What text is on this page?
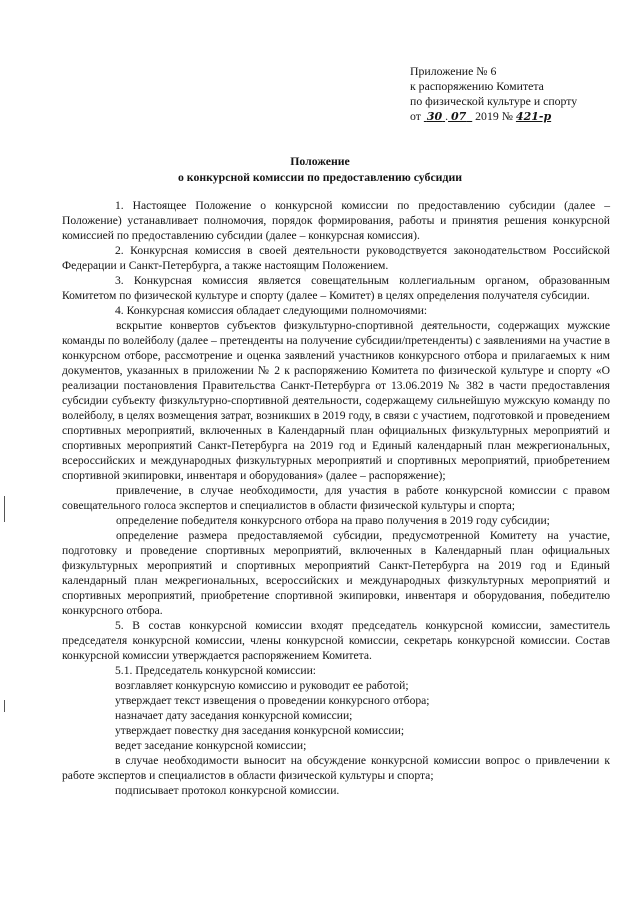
Приложение № 6
к распоряжению Комитета
по физической культуре и спорту
от 30 . 07 2019 № 421-р
Положение
о конкурсной комиссии по предоставлению субсидии

1. Настоящее Положение о конкурсной комиссии по предоставлению субсидии (далее – Положение) устанавливает полномочия, порядок формирования, работы и принятия решения конкурсной комиссией по предоставлению субсидии (далее – конкурсная комиссия).

2. Конкурсная комиссия в своей деятельности руководствуется законодательством Российской Федерации и Санкт-Петербурга, а также настоящим Положением.

3. Конкурсная комиссия является совещательным коллегиальным органом, образованным Комитетом по физической культуре и спорту (далее – Комитет) в целях определения получателя субсидии.

4. Конкурсная комиссия обладает следующими полномочиями:

вскрытие конвертов субъектов физкультурно-спортивной деятельности, содержащих мужские команды по волейболу (далее – претенденты на получение субсидии/претенденты) с заявлениями на участие в конкурсном отборе, рассмотрение и оценка заявлений участников конкурсного отбора и прилагаемых к ним документов, указанных в приложении № 2 к распоряжению Комитета по физической культуре и спорту «О реализации постановления Правительства Санкт-Петербурга от 13.06.2019 № 382 в части предоставления субсидии субъекту физкультурно-спортивной деятельности, содержащему сильнейшую мужскую команду по волейболу, в целях возмещения затрат, возникших в 2019 году, в связи с участием, подготовкой и проведением спортивных мероприятий, включенных в Календарный план официальных физкультурных мероприятий и спортивных мероприятий Санкт-Петербурга на 2019 год и Единый календарный план межрегиональных, всероссийских и международных физкультурных мероприятий и спортивных мероприятий, приобретением спортивной экипировки, инвентаря и оборудования» (далее – распоряжение);

привлечение, в случае необходимости, для участия в работе конкурсной комиссии с правом совещательного голоса экспертов и специалистов в области физической культуры и спорта;

определение победителя конкурсного отбора на право получения в 2019 году субсидии;

определение размера предоставляемой субсидии, предусмотренной Комитету на участие, подготовку и проведение спортивных мероприятий, включенных в Календарный план официальных физкультурных мероприятий и спортивных мероприятий Санкт-Петербурга на 2019 год и Единый календарный план межрегиональных, всероссийских и международных физкультурных мероприятий и спортивных мероприятий, приобретение спортивной экипировки, инвентаря и оборудования, победителю конкурсного отбора.

5. В состав конкурсной комиссии входят председатель конкурсной комиссии, заместитель председателя конкурсной комиссии, члены конкурсной комиссии, секретарь конкурсной комиссии. Состав конкурсной комиссии утверждается распоряжением Комитета.

5.1. Председатель конкурсной комиссии:

возглавляет конкурсную комиссию и руководит ее работой;

утверждает текст извещения о проведении конкурсного отбора;

назначает дату заседания конкурсной комиссии;

утверждает повестку дня заседания конкурсной комиссии;

ведет заседание конкурсной комиссии;

в случае необходимости выносит на обсуждение конкурсной комиссии вопрос о привлечении к работе экспертов и специалистов в области физической культуры и спорта;

подписывает протокол конкурсной комиссии.
